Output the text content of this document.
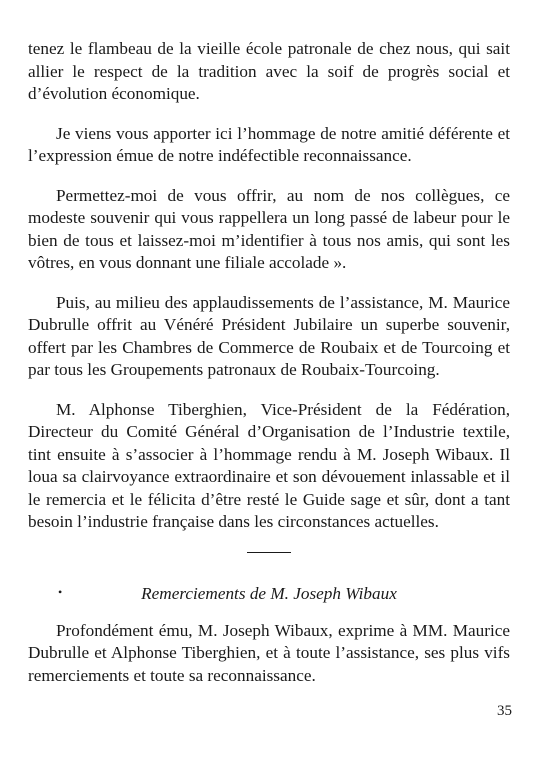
tenez le flambeau de la vieille école patronale de chez nous, qui sait allier le respect de la tradition avec la soif de progrès social et d’évolution économique.

Je viens vous apporter ici l’hommage de notre amitié déférente et l’expression émue de notre indéfectible reconnaissance.

Permettez-moi de vous offrir, au nom de nos collègues, ce modeste souvenir qui vous rappellera un long passé de labeur pour le bien de tous et laissez-moi m’identifier à tous nos amis, qui sont les vôtres, en vous donnant une filiale accolade ».

Puis, au milieu des applaudissements de l’assistance, M. Maurice Dubrulle offrit au Vénéré Président Jubilaire un superbe souvenir, offert par les Chambres de Commerce de Roubaix et de Tourcoing et par tous les Groupements patronaux de Roubaix-Tourcoing.

M. Alphonse Tiberghien, Vice-Président de la Fédération, Directeur du Comité Général d’Organisation de l’Industrie textile, tint ensuite à s’associer à l’hommage rendu à M. Joseph Wibaux. Il loua sa clairvoyance extraordinaire et son dévouement inlassable et il le remercia et le félicita d’être resté le Guide sage et sûr, dont a tant besoin l’industrie française dans les circonstances actuelles.

•	Remerciements de M. Joseph Wibaux

Profondément ému, M. Joseph Wibaux, exprime à MM. Maurice Dubrulle et Alphonse Tiberghien, et à toute l’assistance, ses plus vifs remerciements et toute sa reconnaissance.

35
